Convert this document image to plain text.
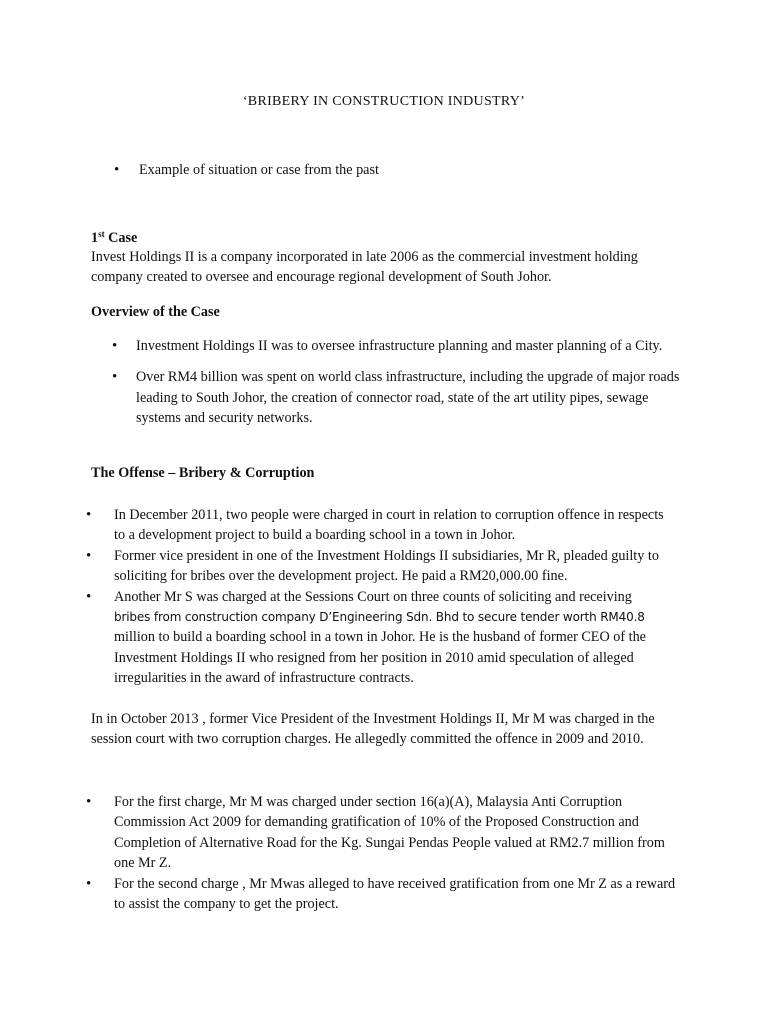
‘BRIBERY IN CONSTRUCTION INDUSTRY’
• Example of situation or case from the past
1st Case

Invest Holdings II is a company incorporated in late 2006 as the commercial investment holding company created to oversee and encourage regional development of South Johor.

Overview of the Case
• Investment Holdings II was to oversee infrastructure planning and master planning of a City.
• Over RM4 billion was spent on world class infrastructure, including the upgrade of major roads leading to South Johor, the creation of connector road, state of the art utility pipes, sewage systems and security networks.
The Offense – Bribery & Corruption
• In December 2011, two people were charged in court in relation to corruption offence in respects to a development project to build a boarding school in a town in Johor.
• Former vice president in one of the Investment Holdings II subsidiaries, Mr R, pleaded guilty to soliciting for bribes over the development project. He paid a RM20,000.00 fine.
• Another Mr S was charged at the Sessions Court on three counts of soliciting and receiving
bribes from construction company D’Engineering Sdn. Bhd to secure tender worth RM40.8
million to build a boarding school in a town in Johor. He is the husband of former CEO of the Investment Holdings II who resigned from her position in 2010 amid speculation of alleged irregularities in the award of infrastructure contracts.

In in October 2013 , former Vice President of the Investment Holdings II, Mr M was charged in the session court with two corruption charges. He allegedly committed the offence in 2009 and 2010.

• For the first charge, Mr M was charged under section 16(a)(A), Malaysia Anti Corruption Commission Act 2009 for demanding gratification of 10% of the Proposed Construction and Completion of Alternative Road for the Kg. Sungai Pendas People valued at RM2.7 million from one Mr Z.
• For the second charge , Mr Mwas alleged to have received gratification from one Mr Z as a reward to assist the company to get the project.
